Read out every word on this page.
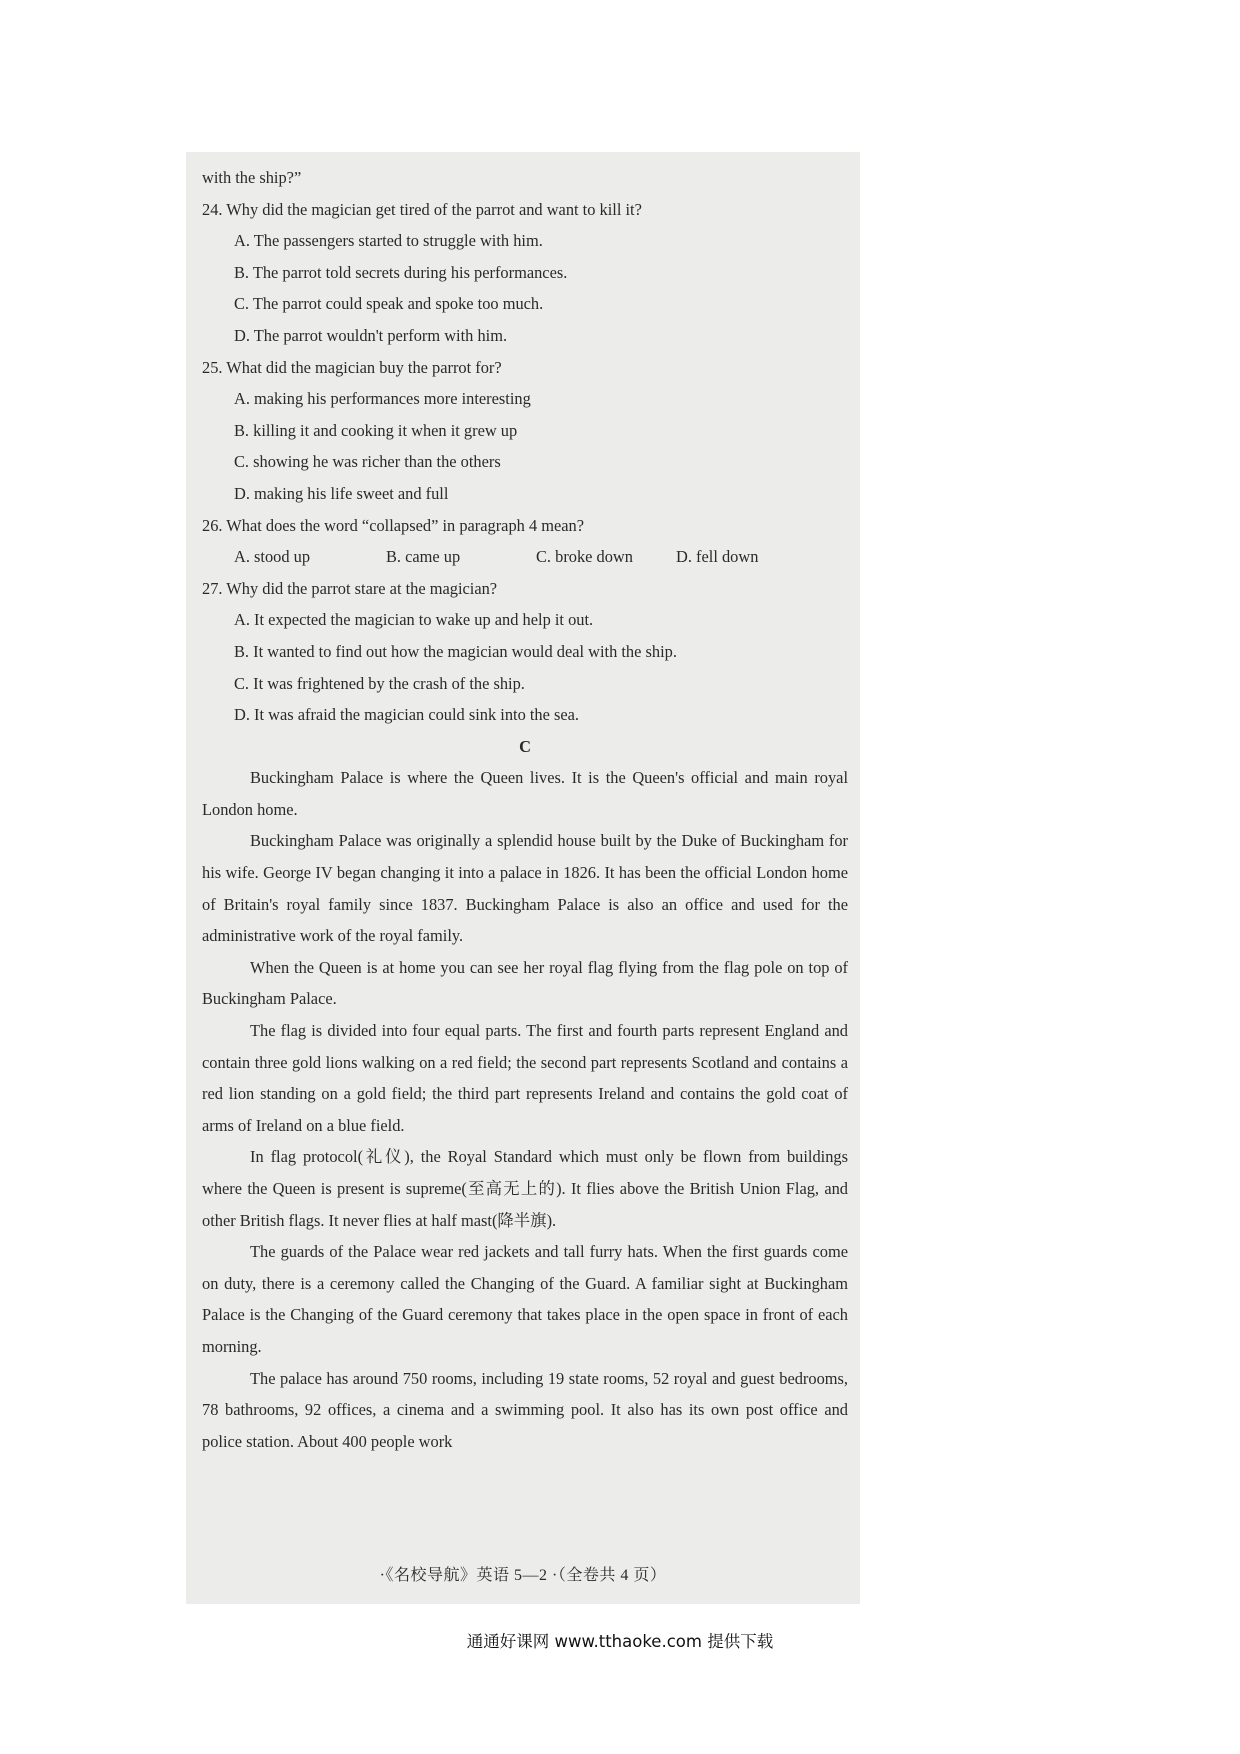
with the ship?”
24. Why did the magician get tired of the parrot and want to kill it?
A. The passengers started to struggle with him.
B. The parrot told secrets during his performances.
C. The parrot could speak and spoke too much.
D. The parrot wouldn't perform with him.
25. What did the magician buy the parrot for?
A. making his performances more interesting
B. killing it and cooking it when it grew up
C. showing he was richer than the others
D. making his life sweet and full
26. What does the word “collapsed” in paragraph 4 mean?
A. stood up	B. came up	C. broke down	D. fell down
27. Why did the parrot stare at the magician?
A. It expected the magician to wake up and help it out.
B. It wanted to find out how the magician would deal with the ship.
C. It was frightened by the crash of the ship.
D. It was afraid the magician could sink into the sea.
C

Buckingham Palace is where the Queen lives. It is the Queen's official and main royal London home.

Buckingham Palace was originally a splendid house built by the Duke of Buckingham for his wife. George IV began changing it into a palace in 1826. It has been the official London home of Britain's royal family since 1837. Buckingham Palace is also an office and used for the administrative work of the royal family.

When the Queen is at home you can see her royal flag flying from the flag pole on top of Buckingham Palace.

The flag is divided into four equal parts. The first and fourth parts represent England and contain three gold lions walking on a red field; the second part represents Scotland and contains a red lion standing on a gold field; the third part represents Ireland and contains the gold coat of arms of Ireland on a blue field.

In flag protocol(礼仪), the Royal Standard which must only be flown from buildings where the Queen is present is supreme(至高无上的). It flies above the British Union Flag, and other British flags. It never flies at half mast(降半旗).

The guards of the Palace wear red jackets and tall furry hats. When the first guards come on duty, there is a ceremony called the Changing of the Guard. A familiar sight at Buckingham Palace is the Changing of the Guard ceremony that takes place in the open space in front of each morning.

The palace has around 750 rooms, including 19 state rooms, 52 royal and guest bedrooms, 78 bathrooms, 92 offices, a cinema and a swimming pool. It also has its own post office and police station. About 400 people work

·《名校导航》英语 5—2 ·（全卷共 4 页）
通通好课网 www.tthaoke.com 提供下载
